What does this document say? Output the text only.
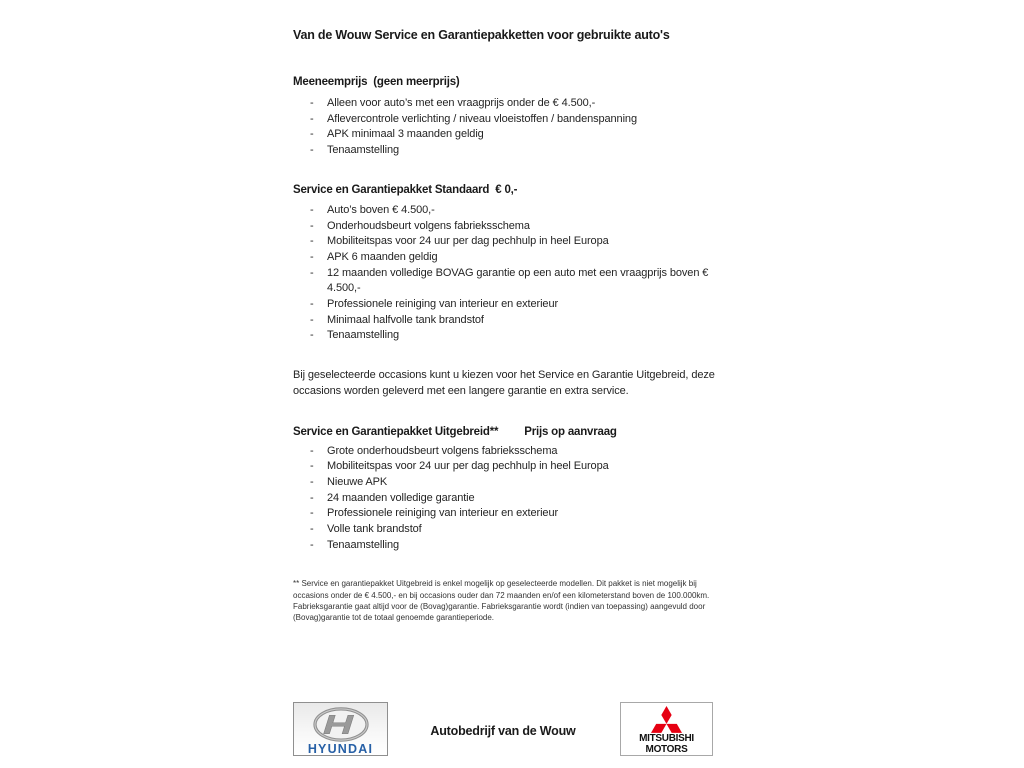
Van de Wouw Service en Garantiepakketten voor gebruikte auto's
Meeneemprijs  (geen meerprijs)
- Alleen voor auto’s met een vraagprijs onder de € 4.500,-
- Aflevercontrole verlichting / niveau vloeistoffen / bandenspanning
- APK minimaal 3 maanden geldig
- Tenaamstelling
Service en Garantiepakket Standaard  € 0,-
- Auto’s boven € 4.500,-
- Onderhoudsbeurt volgens fabrieksschema
- Mobiliteitspas voor 24 uur per dag pechhulp in heel Europa
- APK 6 maanden geldig
- 12 maanden volledige BOVAG garantie op een auto met een vraagprijs boven € 4.500,-
- Professionele reiniging van interieur en exterieur
- Minimaal halfvolle tank brandstof
- Tenaamstelling

Bij geselecteerde occasions kunt u kiezen voor het Service en Garantie Uitgebreid, deze occasions worden geleverd met een langere garantie en extra service.

Service en Garantiepakket Uitgebreid** Prijs op aanvraag
- Grote onderhoudsbeurt volgens fabrieksschema
- Mobiliteitspas voor 24 uur per dag pechhulp in heel Europa
- Nieuwe APK
- 24 maanden volledige garantie
- Professionele reiniging van interieur en exterieur
- Volle tank brandstof
- Tenaamstelling

** Service en garantiepakket Uitgebreid is enkel mogelijk op geselecteerde modellen. Dit pakket is niet mogelijk bij occasions onder de € 4.500,- en bij occasions ouder dan 72 maanden en/of een kilometerstand boven de 100.000km.  Fabrieksgarantie gaat altijd voor de (Bovag)garantie. Fabrieksgarantie wordt (indien van toepassing) aangevuld door (Bovag)garantie tot de totaal genoemde garantieperiode.

HYUNDAI
Autobedrijf van de Wouw
MITSUBISHI
MOTORS
